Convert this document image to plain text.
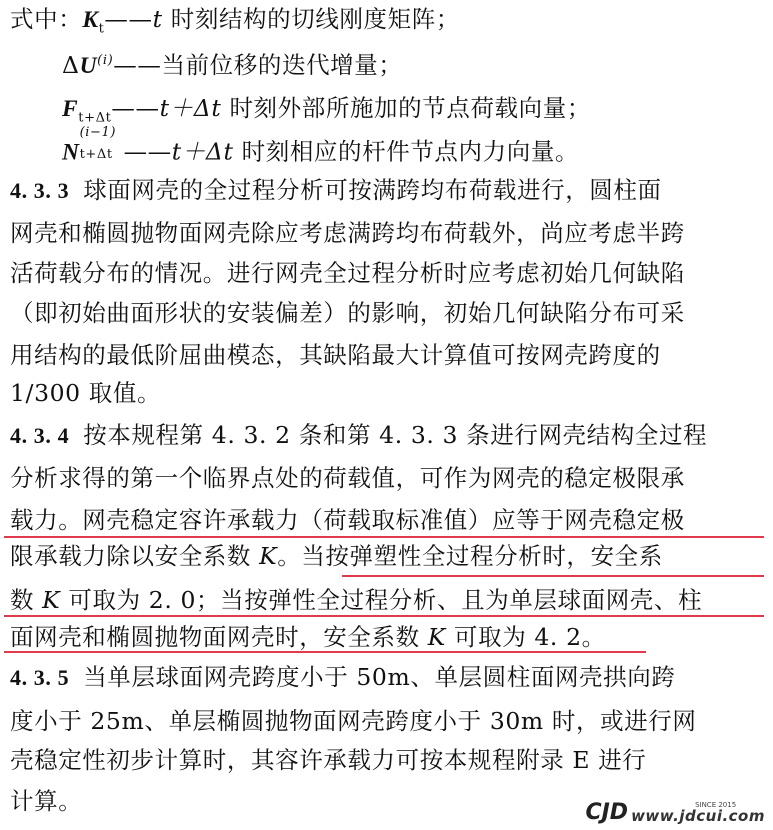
式中：$K_t——t$ 时刻结构的切线刚度矩阵；
ΔU$^{(i)}$——当前位移的迭代增量；
$F_{t+\Delta t}——t+\Delta t$ 时刻外部所施加的节点荷载向量；
N
(i−1)
t+Δt ——t＋Δt 时刻相应的杆件节点内力向量。
4. 3. 3 球面网壳的全过程分析可按满跨均布荷载进行，圆柱面
网壳和椭圆抛物面网壳除应考虑满跨均布荷载外，尚应考虑半跨
活荷载分布的情况。进行网壳全过程分析时应考虑初始几何缺陷
（即初始曲面形状的安装偏差）的影响，初始几何缺陷分布可采
用结构的最低阶屈曲模态，其缺陷最大计算值可按网壳跨度的
1/300 取值。
4. 3. 4 按本规程第 4. 3. 2 条和第 4. 3. 3 条进行网壳结构全过程
分析求得的第一个临界点处的荷载值，可作为网壳的稳定极限承
载力。网壳稳定容许承载力（荷载取标准值）应等于网壳稳定极
限承载力除以安全系数 K。当按弹塑性全过程分析时，安全系
数 K 可取为 2. 0；当按弹性全过程分析、且为单层球面网壳、柱
面网壳和椭圆抛物面网壳时，安全系数 K 可取为 4. 2。
4. 3. 5 当单层球面网壳跨度小于 50m、单层圆柱面网壳拱向跨
度小于 25m、单层椭圆抛物面网壳跨度小于 30m 时，或进行网
壳稳定性初步计算时，其容许承载力可按本规程附录 E 进行
计算。	CJD	SINCE 2015
www.jdcui.com
